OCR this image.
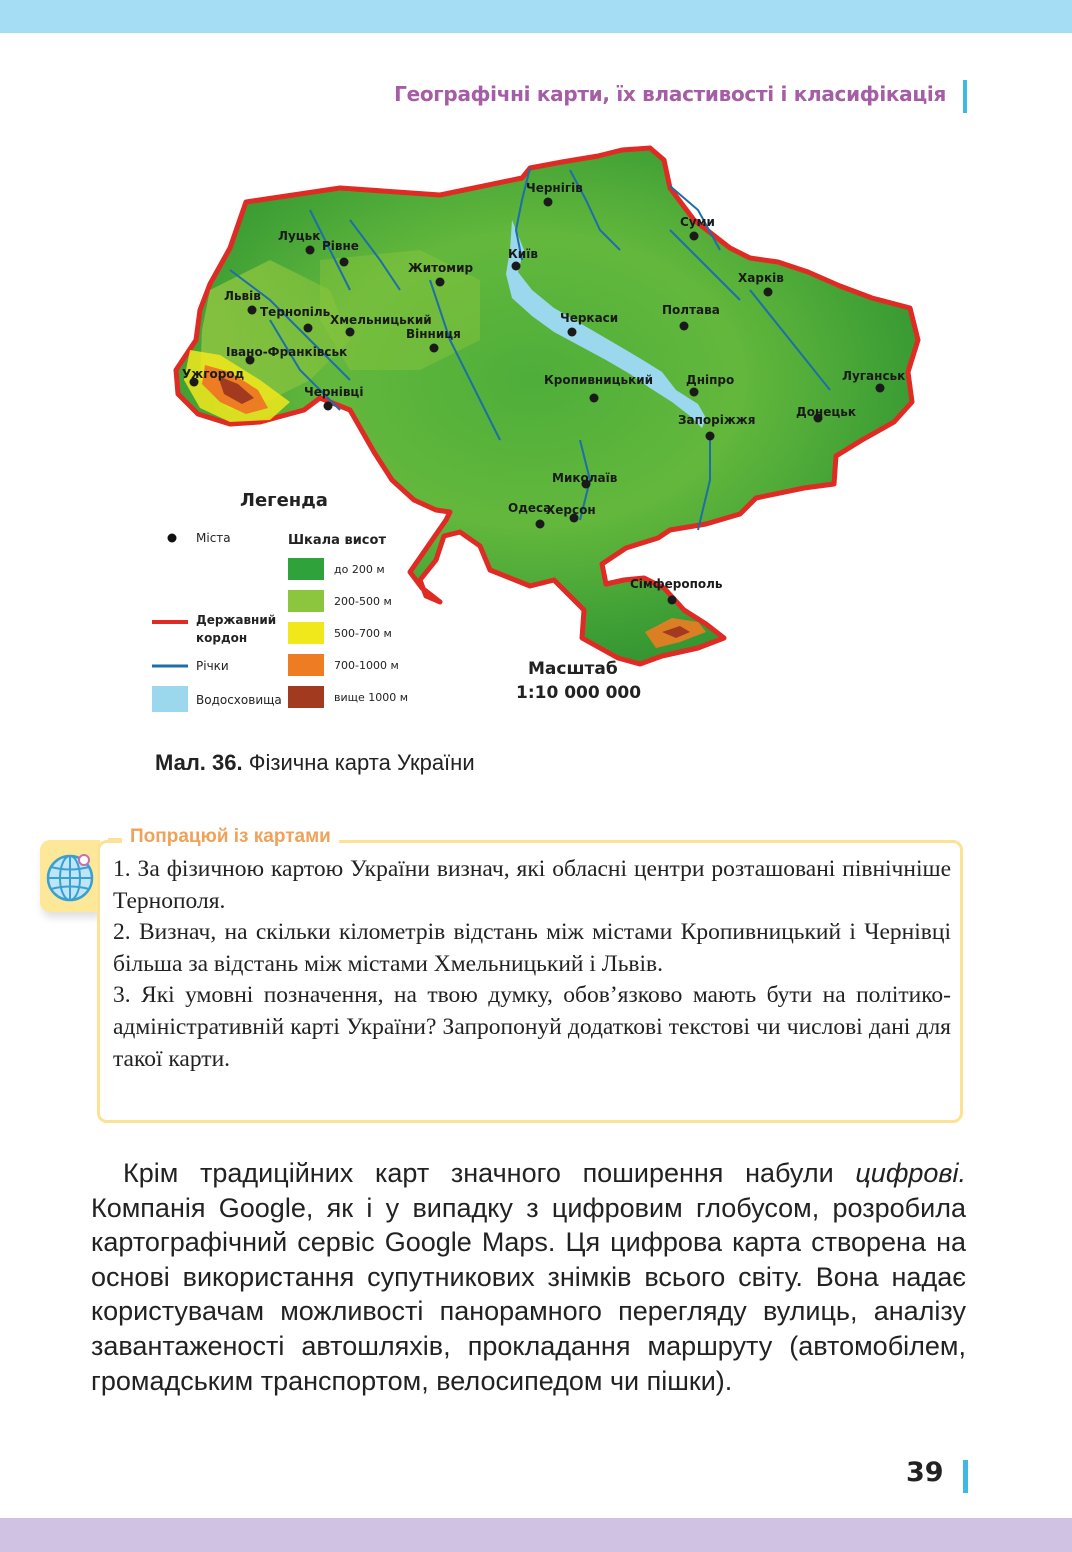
Географічні карти, їх властивості і класифікація
Чернігів
Суми
Луцьк
Рівне
Житомир
Київ
Харків
Львів
Тернопіль
Хмельницький
Вінниця
Полтава
Черкаси
Івано-Франківськ
Ужгород	Луганськ
Кропивницький	Дніпро
Чернівці
Донецьк
Запоріжжя
Миколаїв
Одеса
Херсон
Сімферополь
Легенда
Міста
Державний
кордон
Річки
Водосховища
Шкала висот
до 200 м
200-500 м
500-700 м
700-1000 м
вище 1000 м
Масштаб
1:10 000 000
Мал. 36. Фізична карта України
Попрацюй із картами

1. За фізичною картою України визнач, які обласні центри розташовані північніше Тернополя.

2. Визнач, на скільки кілометрів відстань між містами Кропивницький і Чернівці більша за відстань між містами Хмельницький і Львів.

3. Які умовні позначення, на твою думку, обов’язково мають бути на політико-адміністративній карті України? Запропонуй додаткові текстові чи числові дані для такої карти.

Крім традиційних карт значного поширення набули цифрові. Компанія Google, як і у випадку з цифровим глобусом, розробила картографічний сервіс Google Maps. Ця цифрова карта створена на основі використання супутникових знімків всього світу. Вона надає користувачам можливості панорамного перегляду вулиць, аналізу завантаженості автошляхів, прокладання маршруту (автомобілем, громадським транспортом, велосипедом чи пішки).

39
